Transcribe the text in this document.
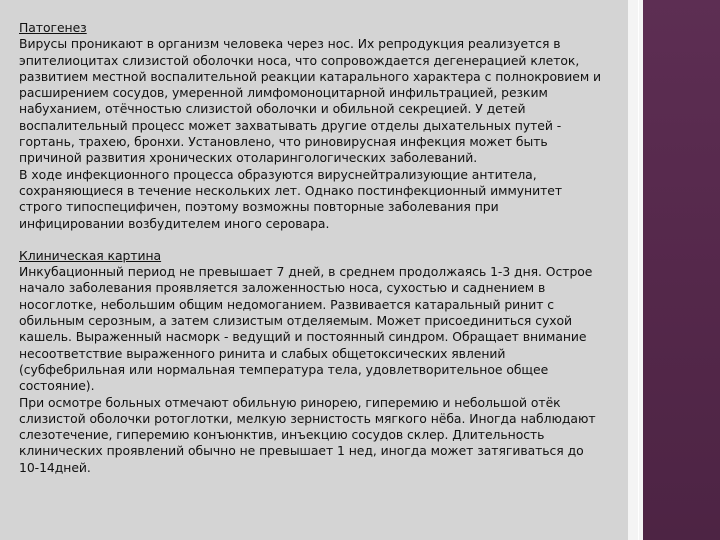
Патогенез
Вирусы проникают в организм человека через нос. Их репродукция реализуется в
эпителиоцитах слизистой оболочки носа, что сопровождается дегенерацией клеток,
развитием местной воспалительной реакции катарального характера с полнокровием и
расширением сосудов, умеренной лимфомоноцитарной инфильтрацией, резким
набуханием, отёчностью слизистой оболочки и обильной секрецией. У детей
воспалительный процесс может захватывать другие отделы дыхательных путей -
гортань, трахею, бронхи. Установлено, что риновирусная инфекция может быть
причиной развития хронических отоларингологических заболеваний.
В ходе инфекционного процесса образуются вируснейтрализующие антитела,
сохраняющиеся в течение нескольких лет. Однако постинфекционный иммунитет
строго типоспецифичен, поэтому возможны повторные заболевания при
инфицировании возбудителем иного серовара.
Клиническая картина
Инкубационный период не превышает 7 дней, в среднем продолжаясь 1-3 дня. Острое
начало заболевания проявляется заложенностью носа, сухостью и саднением в
носоглотке, небольшим общим недомоганием. Развивается катаральный ринит с
обильным серозным, а затем слизистым отделяемым. Может присоединиться сухой
кашель. Выраженный насморк - ведущий и постоянный синдром. Обращает внимание
несоответствие выраженного ринита и слабых общетоксических явлений
(субфебрильная или нормальная температура тела, удовлетворительное общее
состояние).
При осмотре больных отмечают обильную ринорею, гиперемию и небольшой отёк
слизистой оболочки ротоглотки, мелкую зернистость мягкого нёба. Иногда наблюдают
слезотечение, гиперемию конъюнктив, инъекцию сосудов склер. Длительность
клинических проявлений обычно не превышает 1 нед, иногда может затягиваться до
10-14дней.
